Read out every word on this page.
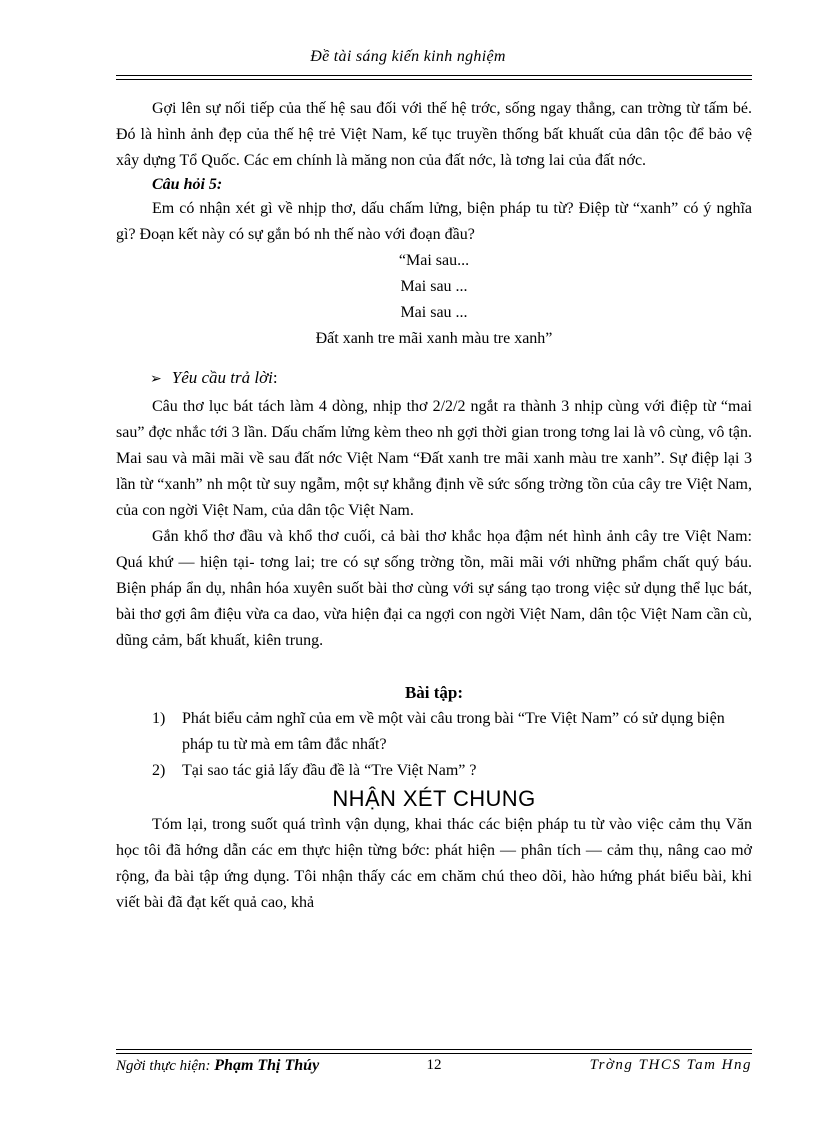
Đề tài sáng kiến kinh nghiệm

Gợi lên sự nối tiếp của thế hệ sau đối với thế hệ trớc, sống ngay thẳng, can trờng từ tấm bé. Đó là hình ảnh đẹp của thế hệ trẻ Việt Nam, kế tục truyền thống bất khuất của dân tộc để bảo vệ xây dựng Tổ Quốc. Các em chính là măng non của đất nớc, là tơng lai của đất nớc.

Câu hỏi 5:

Em có nhận xét gì về nhịp thơ, dấu chấm lửng, biện pháp tu từ? Điệp từ “xanh” có ý nghĩa gì? Đoạn kết này có sự gắn bó nh thế nào với đoạn đầu?

“Mai sau...
Mai sau ...
Mai sau ...
Đất xanh tre mãi xanh màu tre xanh”
➢ Yêu cầu trả lời:

Câu thơ lục bát tách làm 4 dòng, nhịp thơ 2/2/2 ngắt ra thành 3 nhịp cùng với điệp từ “mai sau” đợc nhắc tới 3 lần. Dấu chấm lửng kèm theo nh gợi thời gian trong tơng lai là vô cùng, vô tận. Mai sau và mãi mãi về sau đất nớc Việt Nam “Đất xanh tre mãi xanh màu tre xanh”. Sự điệp lại 3 lần từ “xanh” nh một từ suy ngẫm, một sự khẳng định về sức sống trờng tồn của cây tre Việt Nam, của con ngời Việt Nam, của dân tộc Việt Nam.

Gắn khổ thơ đầu và khổ thơ cuối, cả bài thơ khắc họa đậm nét hình ảnh cây tre Việt Nam: Quá khứ — hiện tại- tơng lai; tre có sự sống trờng tồn, mãi mãi với những phẩm chất quý báu. Biện pháp ẩn dụ, nhân hóa xuyên suốt bài thơ cùng với sự sáng tạo trong việc sử dụng thể lục bát, bài thơ gợi âm điệu vừa ca dao, vừa hiện đại ca ngợi con ngời Việt Nam, dân tộc Việt Nam cần cù, dũng cảm, bất khuất, kiên trung.

Bài tập:

1)	Phát biểu cảm nghĩ của em về một vài câu trong bài “Tre Việt Nam” có sử dụng biện pháp tu từ mà em tâm đắc nhất?
2)	Tại sao tác giả lấy đầu đề là “Tre Việt Nam” ?

NHẬN XÉT CHUNG

Tóm lại, trong suốt quá trình vận dụng, khai thác các biện pháp tu từ vào việc cảm thụ Văn học tôi đã hớng dẫn các em thực hiện từng bớc: phát hiện — phân tích — cảm thụ, nâng cao mở rộng, đa bài tập ứng dụng. Tôi nhận thấy các em chăm chú theo dõi, hào hứng phát biểu bài, khi viết bài đã đạt kết quả cao, khả

Ngời thực hiện: Phạm Thị Thúy	12	Trờng THCS Tam Hng
